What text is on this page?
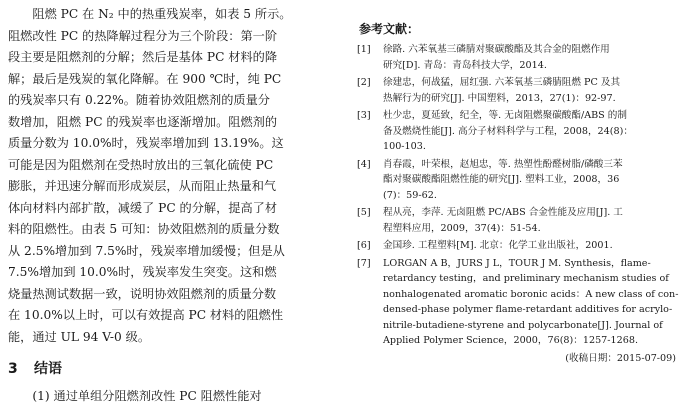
阻燃 PC 在 N₂ 中的热重残炭率，如表 5 所示。
阻燃改性 PC 的热降解过程分为三个阶段：第一阶
段主要是阻燃剂的分解；然后是基体 PC 材料的降
解；最后是残炭的氧化降解。在 900 ℃时，纯 PC
的残炭率只有 0.22%。随着协效阻燃剂的质量分
数增加，阻燃 PC 的残炭率也逐渐增加。阻燃剂的
质量分数为 10.0%时，残炭率增加到 13.19%。这
可能是因为阻燃剂在受热时放出的三氧化硫使 PC
膨胀，并迅速分解而形成炭层，从而阻止热量和气
体向材料内部扩散，减缓了 PC 的分解，提高了材
料的阻燃性。由表 5 可知：协效阻燃剂的质量分数
从 2.5%增加到 7.5%时，残炭率增加缓慢；但是从
7.5%增加到 10.0%时，残炭率发生突变。这和燃
烧量热测试数据一致，说明协效阻燃剂的质量分数
在 10.0%以上时，可以有效提高 PC 材料的阻燃性
能，通过 UL 94 V-0 级。

3 结语
(1) 通过单组分阻燃剂改性 PC 阻燃性能对
参考文献：
[1]	徐路. 六苯氧基三磷腈对聚碳酸酯及其合金的阻燃作用
研究[D]. 青岛：青岛科技大学，2014.
[2]	徐建忠，何战猛，屈红强. 六苯氧基三磷腈阻燃 PC 及其
热解行为的研究[J]. 中国塑料，2013，27(1)：92-97.
[3]	杜少忠，夏延致，纪全，等. 无卤阻燃聚碳酸酯/ABS 的制
备及燃烧性能[J]. 高分子材料科学与工程，2008，24(8)：
100-103.
[4]	肖春霞，叶荣根，赵旭忠，等. 热塑性酚醛树脂/磷酸三苯
酯对聚碳酸酯阻燃性能的研究[J]. 塑料工业，2008，36
(7)：59-62.
[5]	程从亮，李萍. 无卤阻燃 PC/ABS 合金性能及应用[J]. 工
程塑料应用，2009，37(4)：51-54.
[6]	金国珍. 工程塑料[M]. 北京：化学工业出版社，2001.
[7]	LORGAN A B，JURS J L，TOUR J M. Synthesis，flame-
retardancy testing，and preliminary mechanism studies of
nonhalogenated aromatic boronic acids：A new class of con-
densed-phase polymer flame-retardant additives for acrylo-
nitrile-butadiene-styrene and polycarbonate[J]. Journal of
Applied Polymer Science，2000，76(8)：1257-1268.
(收稿日期：2015-07-09)
